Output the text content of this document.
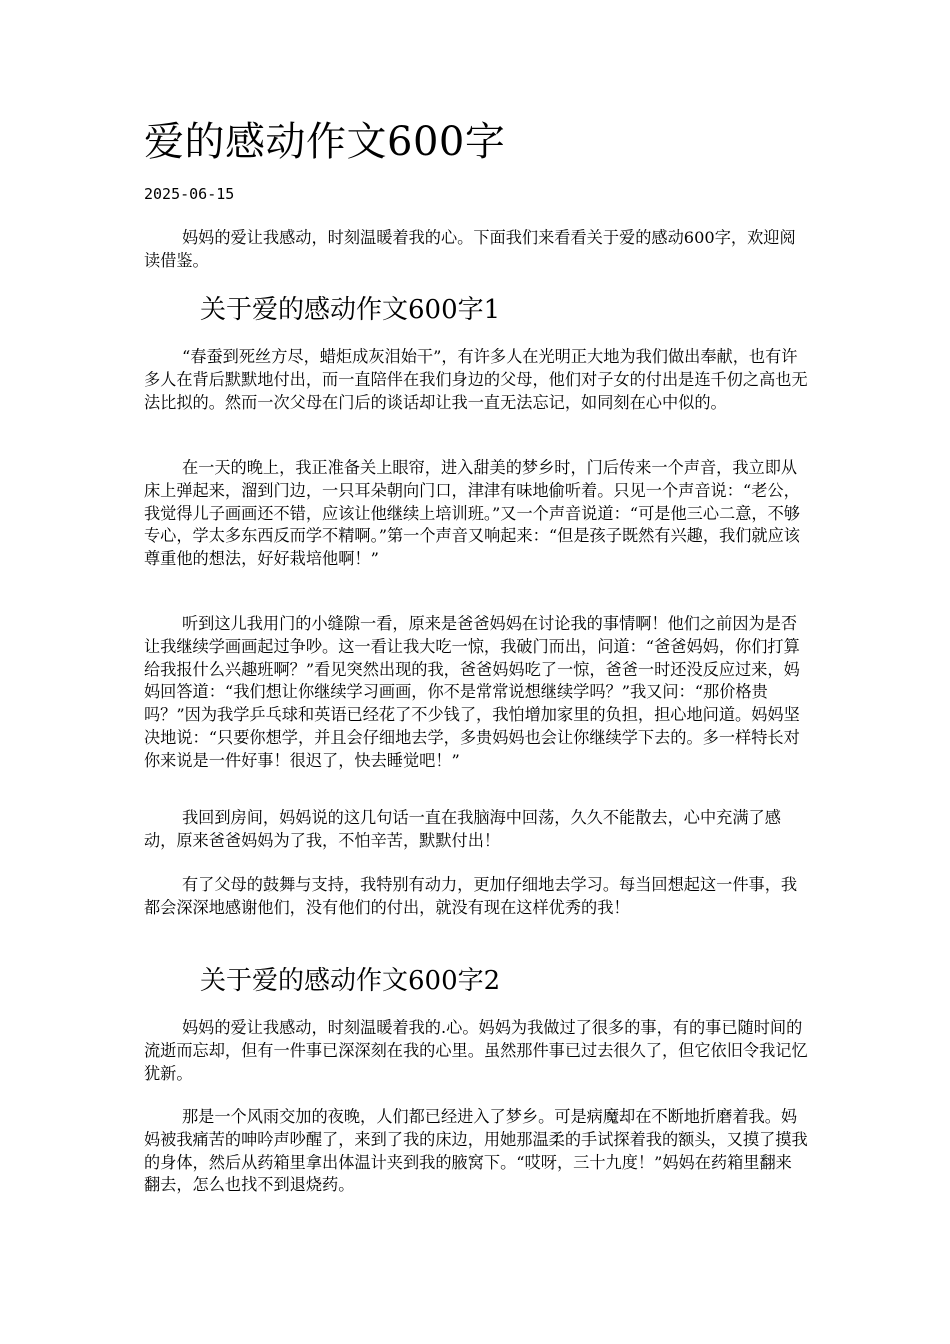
爱的感动作文600字
2025-06-15

妈妈的爱让我感动，时刻温暖着我的心。下面我们来看看关于爱的感动600字，欢迎阅读借鉴。

关于爱的感动作文600字1

“春蚕到死丝方尽，蜡炬成灰泪始干”，有许多人在光明正大地为我们做出奉献，也有许多人在背后默默地付出，而一直陪伴在我们身边的父母，他们对子女的付出是连千仞之高也无法比拟的。然而一次父母在门后的谈话却让我一直无法忘记，如同刻在心中似的。

在一天的晚上，我正准备关上眼帘，进入甜美的梦乡时，门后传来一个声音，我立即从床上弹起来，溜到门边，一只耳朵朝向门口，津津有味地偷听着。只见一个声音说：“老公，我觉得儿子画画还不错，应该让他继续上培训班。”又一个声音说道：“可是他三心二意，不够专心，学太多东西反而学不精啊。”第一个声音又响起来：“但是孩子既然有兴趣，我们就应该尊重他的想法，好好栽培他啊！”

听到这儿我用门的小缝隙一看，原来是爸爸妈妈在讨论我的事情啊！他们之前因为是否让我继续学画画起过争吵。这一看让我大吃一惊，我破门而出，问道：“爸爸妈妈，你们打算给我报什么兴趣班啊？”看见突然出现的我，爸爸妈妈吃了一惊，爸爸一时还没反应过来，妈妈回答道：“我们想让你继续学习画画，你不是常常说想继续学吗？”我又问：“那价格贵吗？”因为我学乒乓球和英语已经花了不少钱了，我怕增加家里的负担，担心地问道。妈妈坚决地说：“只要你想学，并且会仔细地去学，多贵妈妈也会让你继续学下去的。多一样特长对你来说是一件好事！很迟了，快去睡觉吧！”

我回到房间，妈妈说的这几句话一直在我脑海中回荡，久久不能散去，心中充满了感动，原来爸爸妈妈为了我，不怕辛苦，默默付出！

有了父母的鼓舞与支持，我特别有动力，更加仔细地去学习。每当回想起这一件事，我都会深深地感谢他们，没有他们的付出，就没有现在这样优秀的我！

关于爱的感动作文600字2

妈妈的爱让我感动，时刻温暖着我的.心。妈妈为我做过了很多的事，有的事已随时间的流逝而忘却，但有一件事已深深刻在我的心里。虽然那件事已过去很久了，但它依旧令我记忆犹新。

那是一个风雨交加的夜晚，人们都已经进入了梦乡。可是病魔却在不断地折磨着我。妈妈被我痛苦的呻吟声吵醒了，来到了我的床边，用她那温柔的手试探着我的额头，又摸了摸我的身体，然后从药箱里拿出体温计夹到我的腋窝下。“哎呀，三十九度！”妈妈在药箱里翻来翻去，怎么也找不到退烧药。
